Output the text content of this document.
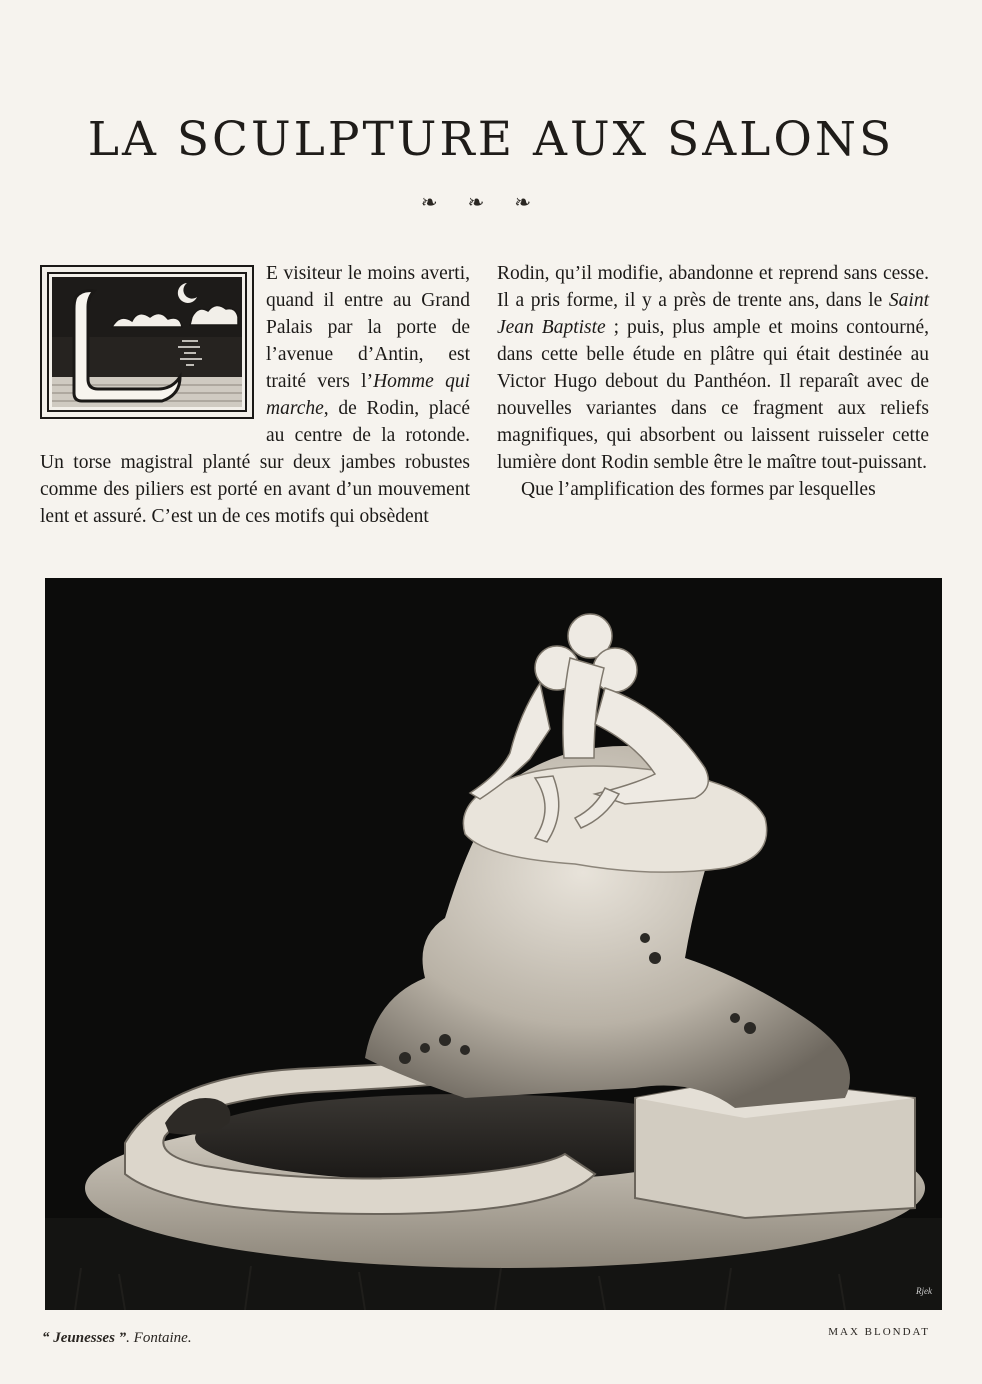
LA SCULPTURE AUX SALONS
❧❧❧

E visiteur le moins averti, quand il entre au Grand Palais par la porte de l’avenue d’Antin, est traité vers l’Homme qui marche, de Rodin, placé au centre de la rotonde. Un torse magistral planté sur deux jambes robustes comme des piliers est porté en avant d’un mouvement lent et assuré. C’est un de ces motifs qui obsèdent

Rodin, qu’il modifie, abandonne et reprend sans cesse. Il a pris forme, il y a près de trente ans, dans le Saint Jean Baptiste ; puis, plus ample et moins contourné, dans cette belle étude en plâtre qui était destinée au Victor Hugo debout du Panthéon. Il reparaît avec de nouvelles variantes dans ce fragment aux reliefs magnifiques, qui absorbent ou laissent ruisseler cette lumière dont Rodin semble être le maître tout-puissant.

Que l’amplification des formes par lesquelles

Rjek
“ Jeunesses ”. Fontaine.	MAX BLONDAT
